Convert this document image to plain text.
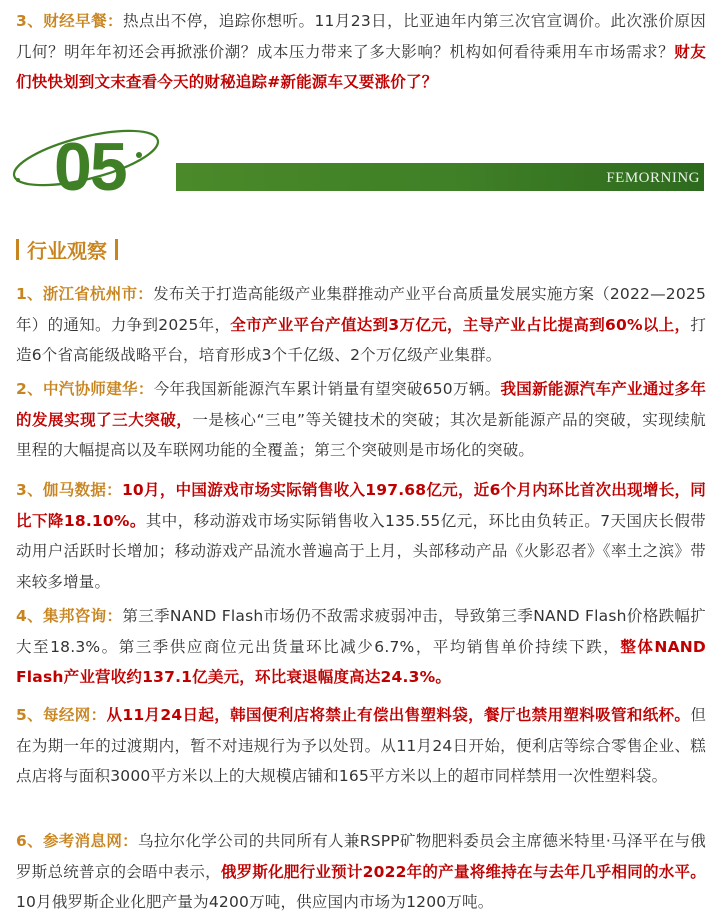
3、财经早餐：热点出不停，追踪你想听。11月23日，比亚迪年内第三次官宣调价。此次涨价原因几何？明年年初还会再掀涨价潮？成本压力带来了多大影响？机构如何看待乘用车市场需求？财友们快快划到文末查看今天的财秘追踪#新能源车又要涨价了？
05	FEMORNING
行业观察
1、浙江省杭州市：发布关于打造高能级产业集群推动产业平台高质量发展实施方案（2022—2025年）的通知。力争到2025年，全市产业平台产值达到3万亿元，主导产业占比提高到60%以上，打造6个省高能级战略平台，培育形成3个千亿级、2个万亿级产业集群。
2、中汽协师建华：今年我国新能源汽车累计销量有望突破650万辆。我国新能源汽车产业通过多年的发展实现了三大突破，一是核心“三电”等关键技术的突破；其次是新能源产品的突破，实现续航里程的大幅提高以及车联网功能的全覆盖；第三个突破则是市场化的突破。
3、伽马数据：10月，中国游戏市场实际销售收入197.68亿元，近6个月内环比首次出现增长，同比下降18.10%。其中，移动游戏市场实际销售收入135.55亿元，环比由负转正。7天国庆长假带动用户活跃时长增加；移动游戏产品流水普遍高于上月，头部移动产品《火影忍者》《率土之滨》带来较多增量。
4、集邦咨询：第三季NAND Flash市场仍不敌需求疲弱冲击，导致第三季NAND Flash价格跌幅扩大至18.3%。第三季供应商位元出货量环比减少6.7%，平均销售单价持续下跌，整体NAND Flash产业营收约137.1亿美元，环比衰退幅度高达24.3%。
5、每经网：从11月24日起，韩国便利店将禁止有偿出售塑料袋，餐厅也禁用塑料吸管和纸杯。但在为期一年的过渡期内，暂不对违规行为予以处罚。从11月24日开始，便利店等综合零售企业、糕点店将与面积3000平方米以上的大规模店铺和165平方米以上的超市同样禁用一次性塑料袋。
6、参考消息网：乌拉尔化学公司的共同所有人兼RSPP矿物肥料委员会主席德米特里·马泽平在与俄罗斯总统普京的会晤中表示，俄罗斯化肥行业预计2022年的产量将维持在与去年几乎相同的水平。10月俄罗斯企业化肥产量为4200万吨，供应国内市场为1200万吨。
